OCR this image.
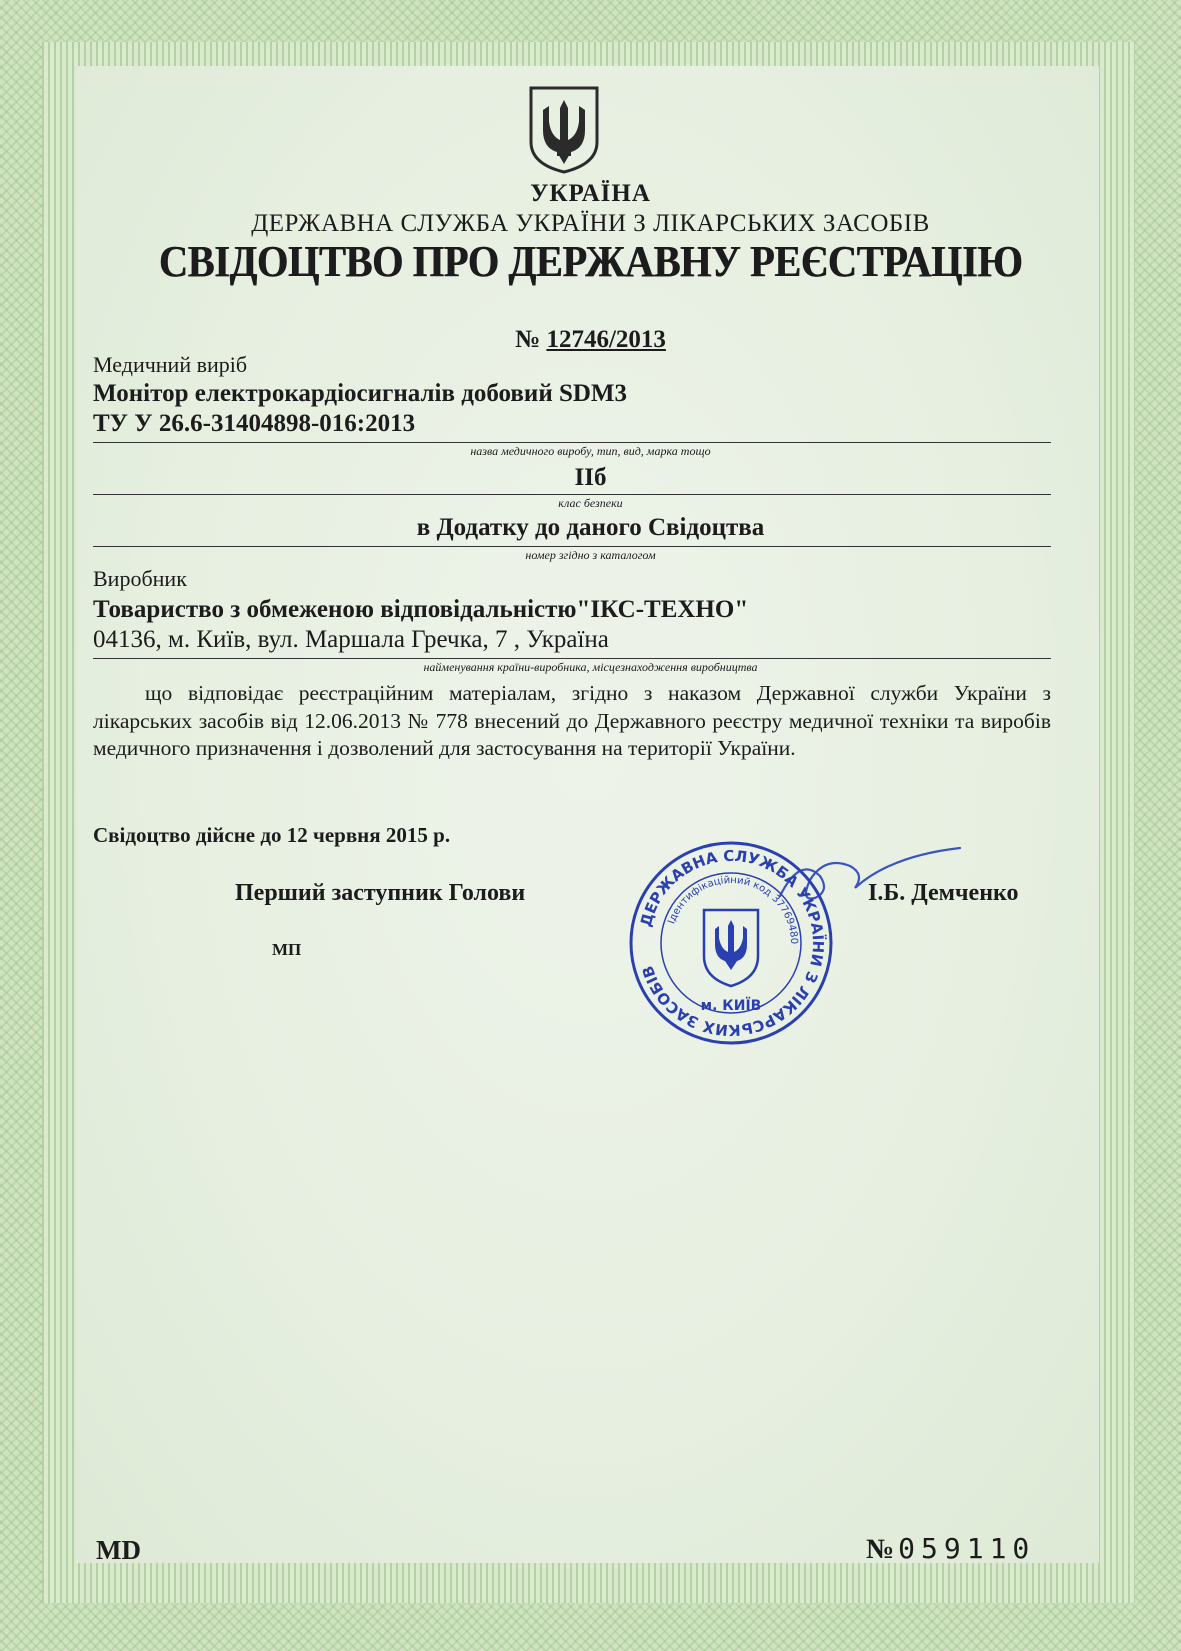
УКРАЇНА
ДЕРЖАВНА СЛУЖБА УКРАЇНИ З ЛІКАРСЬКИХ ЗАСОБІВ
СВІДОЦТВО ПРО ДЕРЖАВНУ РЕЄСТРАЦІЮ
№ 12746/2013
Медичний виріб
Монітор електрокардіосигналів добовий SDM3
ТУ У 26.6-31404898-016:2013
назва медичного виробу, тип, вид, марка тощо
IIб
клас безпеки
в Додатку до даного Свідоцтва
номер згідно з каталогом
Виробник
Товариство з обмеженою відповідальністю"ІКС-ТЕХНО"
04136, м. Київ, вул. Маршала Гречка, 7 , Україна
найменування країни-виробника, місцезнаходження виробництва
що відповідає реєстраційним матеріалам, згідно з наказом Державної служби України з лікарських засобів від 12.06.2013 № 778 внесений до Державного реєстру медичної техніки та виробів медичного призначення і дозволений для застосування на території України.
Свідоцтво дійсне до 12 червня 2015 р.
Перший заступник Голови	І.Б. Демченко
МП
ДЕРЖАВНА СЛУЖБА УКРАЇНИ З ЛІКАРСЬКИХ ЗАСОБІВ
Ідентифікаційний код 37769480
м. КИЇВ
MD	№059110
